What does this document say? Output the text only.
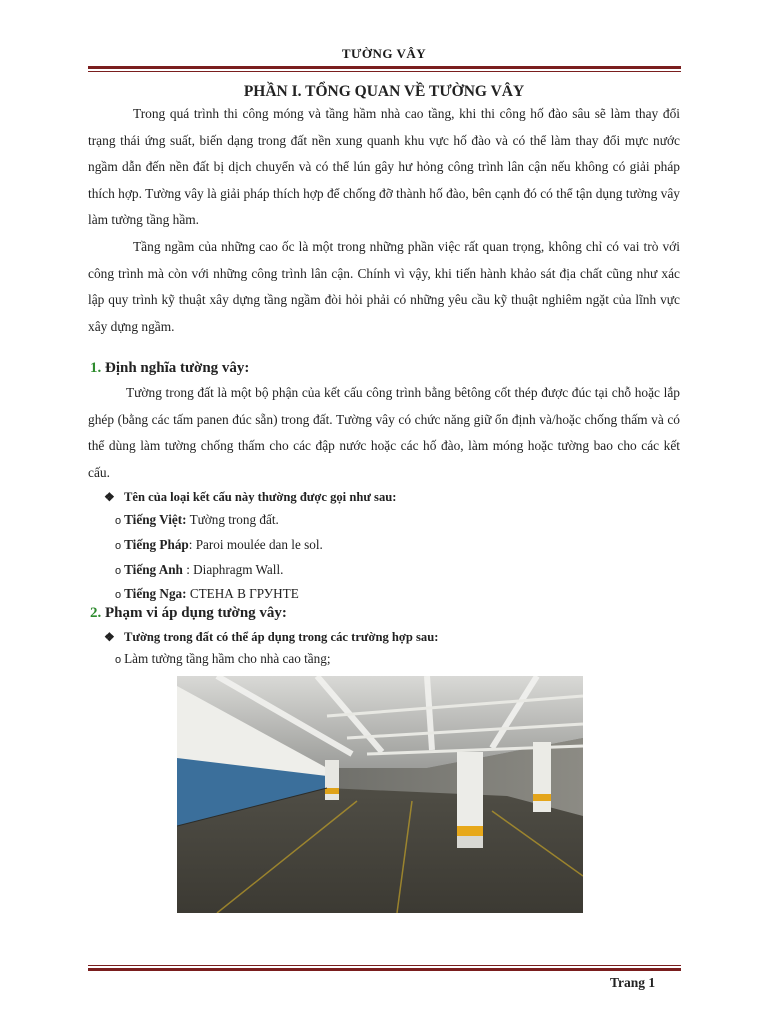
TƯỜNG VÂY
PHẦN I. TỔNG QUAN VỀ TƯỜNG VÂY

Trong quá trình thi công móng và tầng hầm nhà cao tầng, khi thi công hố đào sâu sẽ làm thay đổi trạng thái ứng suất, biến dạng trong đất nền xung quanh khu vực hố đào và có thể làm thay đổi mực nước ngầm dẫn đến nền đất bị dịch chuyển và có thể lún gây hư hỏng công trình lân cận nếu không có giải pháp thích hợp. Tường vây là giải pháp thích hợp để chống đỡ thành hố đào, bên cạnh đó có thể tận dụng tường vây làm tường tầng hầm.

Tầng ngầm của những cao ốc là một trong những phần việc rất quan trọng, không chỉ có vai trò với công trình mà còn với những công trình lân cận. Chính vì vậy, khi tiến hành khảo sát địa chất cũng như xác lập quy trình kỹ thuật xây dựng tầng ngầm đòi hỏi phải có những yêu cầu kỹ thuật nghiêm ngặt của lĩnh vực xây dựng ngầm.

1. Định nghĩa tường vây:

Tường trong đất là một bộ phận của kết cấu công trình bằng bêtông cốt thép được đúc tại chỗ hoặc lắp ghép (bằng các tấm panen đúc sẵn) trong đất. Tường vây có chức năng giữ ổn định và/hoặc chống thấm và có thể dùng làm tường chống thấm cho các đập nước hoặc các hố đào, làm móng hoặc tường bao cho các kết cấu.

❖ Tên của loại kết cấu này thường được gọi như sau:
o Tiếng Việt: Tường trong đất.
o Tiếng Pháp: Paroi moulée dan le sol.
o Tiếng Anh : Diaphragm Wall.
o Tiếng Nga: СТЕНА В ГРУНТЕ
2. Phạm vi áp dụng tường vây:
❖ Tường trong đất có thể áp dụng trong các trường hợp sau:
o Làm tường tầng hầm cho nhà cao tầng;
Trang 1
